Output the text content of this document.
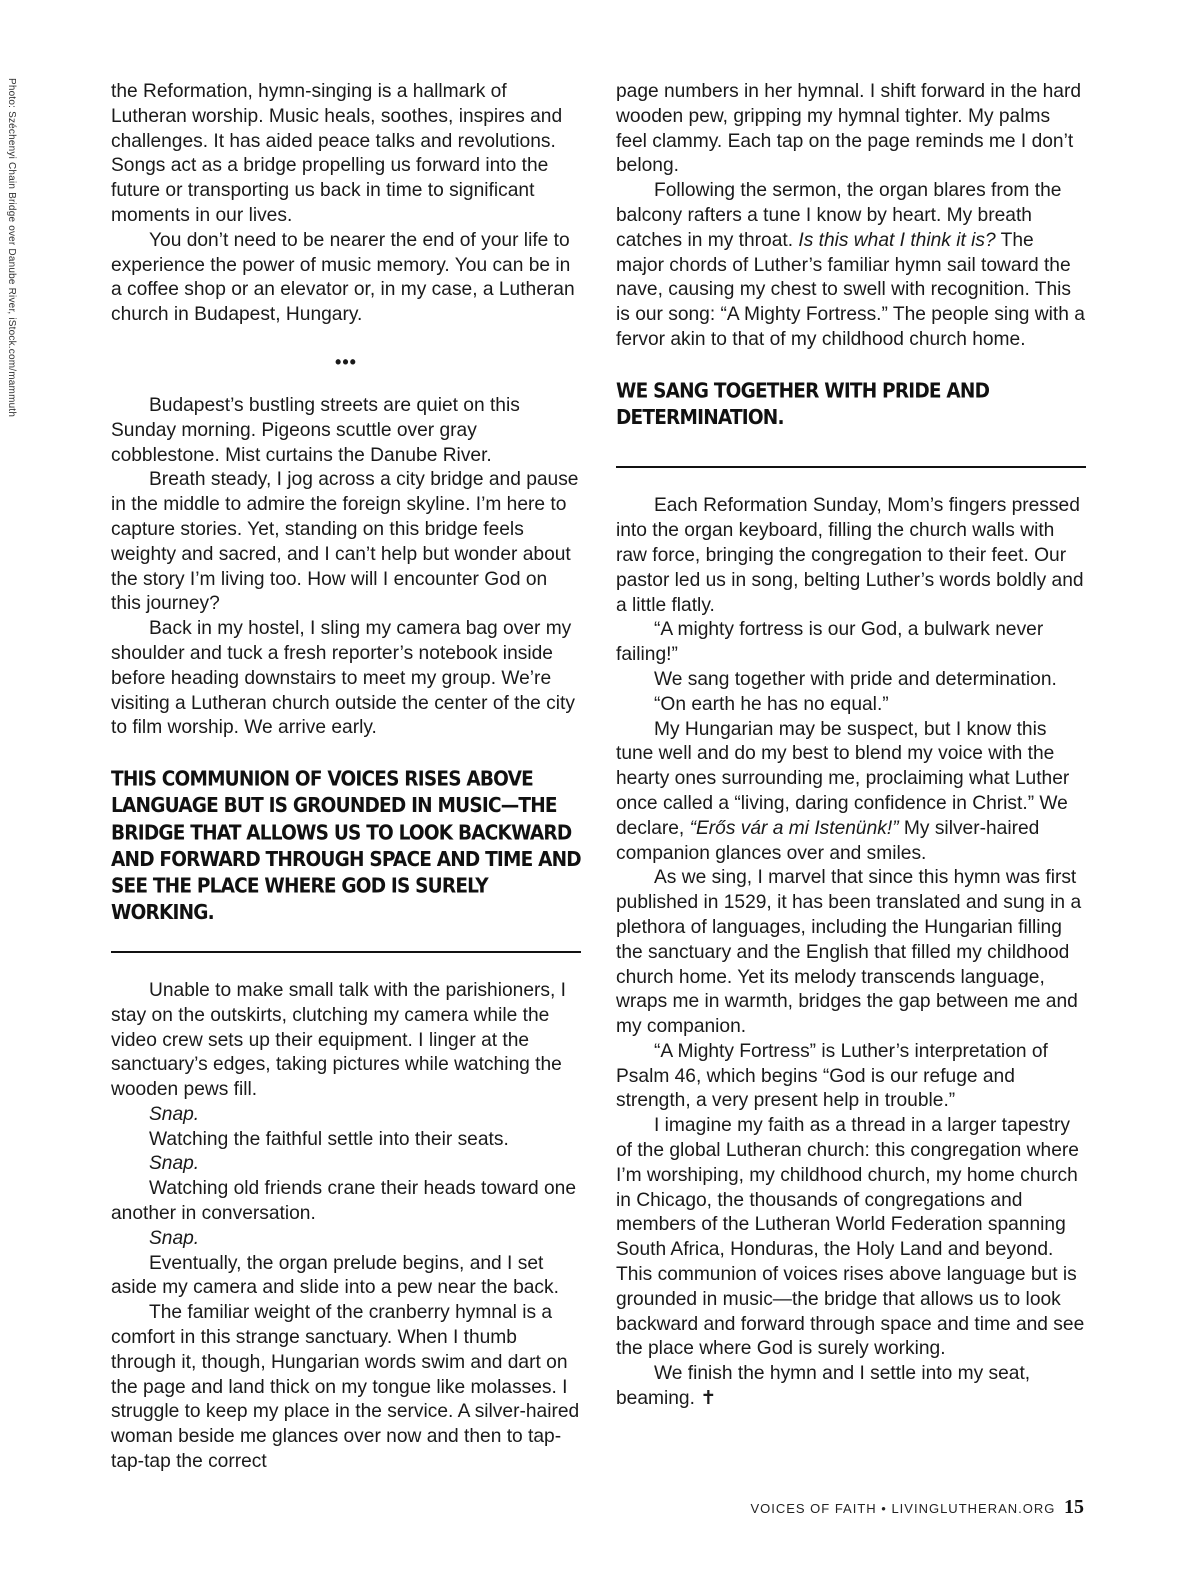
Photo: Széchenyi Chain Bridge over Danube River, iStock.com/mammuth	the Reformation, hymn-singing is a hallmark of Lutheran worship. Music heals, soothes, inspires and challenges. It has aided peace talks and revolutions. Songs act as a bridge propelling us forward into the future or transporting us back in time to significant moments in our lives.

You don’t need to be nearer the end of your life to experience the power of music memory. You can be in a coffee shop or an elevator or, in my case, a Lutheran church in Budapest, Hungary.

•••

Budapest’s bustling streets are quiet on this Sunday morning. Pigeons scuttle over gray cobblestone. Mist curtains the Danube River.

Breath steady, I jog across a city bridge and pause in the middle to admire the foreign skyline. I’m here to capture stories. Yet, standing on this bridge feels weighty and sacred, and I can’t help but wonder about the story I’m living too. How will I encounter God on this journey?

Back in my hostel, I sling my camera bag over my shoulder and tuck a fresh reporter’s notebook inside before heading downstairs to meet my group. We’re visiting a Lutheran church outside the center of the city to film worship. We arrive early.

THIS COMMUNION OF VOICES RISES ABOVE LANGUAGE BUT IS GROUNDED IN MUSIC—THE BRIDGE THAT ALLOWS US TO LOOK BACKWARD AND FORWARD THROUGH SPACE AND TIME AND SEE THE PLACE WHERE GOD IS SURELY WORKING.

Unable to make small talk with the parishioners, I stay on the outskirts, clutching my camera while the video crew sets up their equipment. I linger at the sanctuary’s edges, taking pictures while watching the wooden pews fill.

Snap.

Watching the faithful settle into their seats.

Snap.

Watching old friends crane their heads toward one another in conversation.

Snap.

Eventually, the organ prelude begins, and I set aside my camera and slide into a pew near the back.

The familiar weight of the cranberry hymnal is a comfort in this strange sanctuary. When I thumb through it, though, Hungarian words swim and dart on the page and land thick on my tongue like molasses. I struggle to keep my place in the service. A silver-haired woman beside me glances over now and then to tap-tap-tap the correct

page numbers in her hymnal. I shift forward in the hard wooden pew, gripping my hymnal tighter. My palms feel clammy. Each tap on the page reminds me I don’t belong.

Following the sermon, the organ blares from the balcony rafters a tune I know by heart. My breath catches in my throat. Is this what I think it is? The major chords of Luther’s familiar hymn sail toward the nave, causing my chest to swell with recognition. This is our song: “A Mighty Fortress.” The people sing with a fervor akin to that of my childhood church home.

WE SANG TOGETHER WITH PRIDE AND DETERMINATION.

Each Reformation Sunday, Mom’s fingers pressed into the organ keyboard, filling the church walls with raw force, bringing the congregation to their feet. Our pastor led us in song, belting Luther’s words boldly and a little flatly.

“A mighty fortress is our God, a bulwark never failing!”

We sang together with pride and determination.

“On earth he has no equal.”

My Hungarian may be suspect, but I know this tune well and do my best to blend my voice with the hearty ones surrounding me, proclaiming what Luther once called a “living, daring confidence in Christ.” We declare, “Erős vár a mi Istenünk!” My silver-haired companion glances over and smiles.

As we sing, I marvel that since this hymn was first published in 1529, it has been translated and sung in a plethora of languages, including the Hungarian filling the sanctuary and the English that filled my childhood church home. Yet its melody transcends language, wraps me in warmth, bridges the gap between me and my companion.

“A Mighty Fortress” is Luther’s interpretation of Psalm 46, which begins “God is our refuge and strength, a very present help in trouble.”

I imagine my faith as a thread in a larger tapestry of the global Lutheran church: this congregation where I’m worshiping, my childhood church, my home church in Chicago, the thousands of congregations and members of the Lutheran World Federation spanning South Africa, Honduras, the Holy Land and beyond. This communion of voices rises above language but is grounded in music—the bridge that allows us to look backward and forward through space and time and see the place where God is surely working.

We finish the hymn and I settle into my seat, beaming. ✝

VOICES OF FAITH • LIVINGLUTHERAN.ORG 15
